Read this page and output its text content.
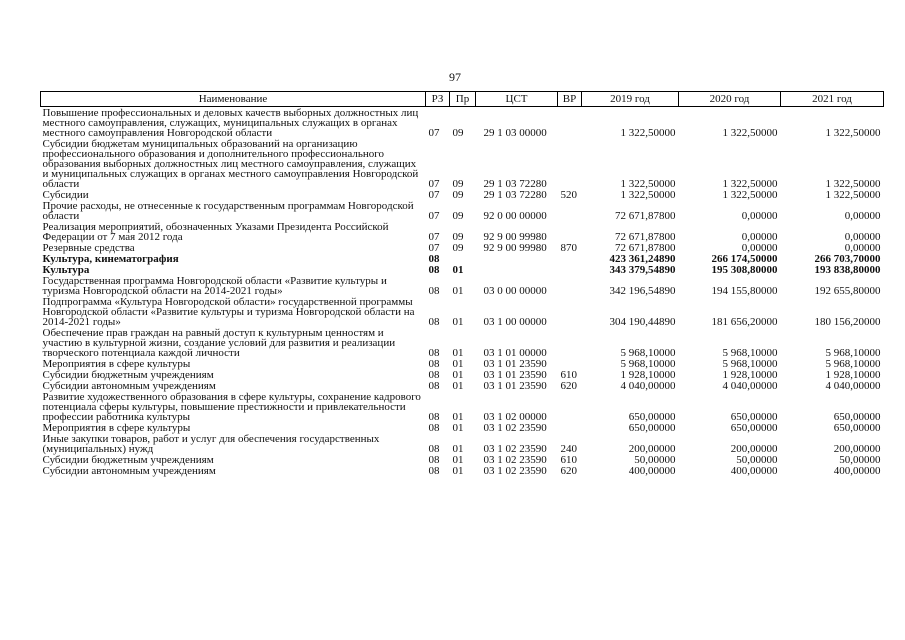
97
Наименование	РЗ	Пр	ЦСТ	ВР	2019 год	2020 год	2021 год
Повышение профессиональных и деловых качеств выборных должностных лиц местного самоуправления, служащих, муниципальных служащих в органах местного самоуправления Новгородской области	07	09	29 1 03 00000		1 322,50000	1 322,50000	1 322,50000
Субсидии бюджетам муниципальных образований на организацию профессионального образования и дополнительного профессионального образования выборных должностных лиц местного самоуправления, служащих и муниципальных служащих в органах местного самоуправления Новгородской области	07	09	29 1 03 72280		1 322,50000	1 322,50000	1 322,50000
Субсидии	07	09	29 1 03 72280	520	1 322,50000	1 322,50000	1 322,50000
Прочие расходы, не отнесенные к государственным программам Новгородской области	07	09	92 0 00 00000		72 671,87800	0,00000	0,00000
Реализация мероприятий, обозначенных Указами Президента Российской Федерации от 7 мая 2012 года	07	09	92 9 00 99980		72 671,87800	0,00000	0,00000
Резервные средства	07	09	92 9 00 99980	870	72 671,87800	0,00000	0,00000
Культура, кинематография	08				423 361,24890	266 174,50000	266 703,70000
Культура	08	01			343 379,54890	195 308,80000	193 838,80000
Государственная программа Новгородской области «Развитие культуры и туризма Новгородской области на 2014-2021 годы»	08	01	03 0 00 00000		342 196,54890	194 155,80000	192 655,80000
Подпрограмма «Культура Новгородской области» государственной программы Новгородской области «Развитие культуры и туризма Новгородской области на 2014-2021 годы»	08	01	03 1 00 00000		304 190,44890	181 656,20000	180 156,20000
Обеспечение прав граждан на равный доступ к культурным ценностям и участию в культурной жизни, создание условий для развития и реализации творческого потенциала каждой личности	08	01	03 1 01 00000		5 968,10000	5 968,10000	5 968,10000
Мероприятия в сфере культуры	08	01	03 1 01 23590		5 968,10000	5 968,10000	5 968,10000
Субсидии бюджетным учреждениям	08	01	03 1 01 23590	610	1 928,10000	1 928,10000	1 928,10000
Субсидии автономным учреждениям	08	01	03 1 01 23590	620	4 040,00000	4 040,00000	4 040,00000
Развитие художественного образования в сфере культуры, сохранение кадрового потенциала сферы культуры, повышение престижности и привлекательности профессии работника культуры	08	01	03 1 02 00000		650,00000	650,00000	650,00000
Мероприятия в сфере культуры	08	01	03 1 02 23590		650,00000	650,00000	650,00000
Иные закупки товаров, работ и услуг для обеспечения государственных (муниципальных) нужд	08	01	03 1 02 23590	240	200,00000	200,00000	200,00000
Субсидии бюджетным учреждениям	08	01	03 1 02 23590	610	50,00000	50,00000	50,00000
Субсидии автономным учреждениям	08	01	03 1 02 23590	620	400,00000	400,00000	400,00000
